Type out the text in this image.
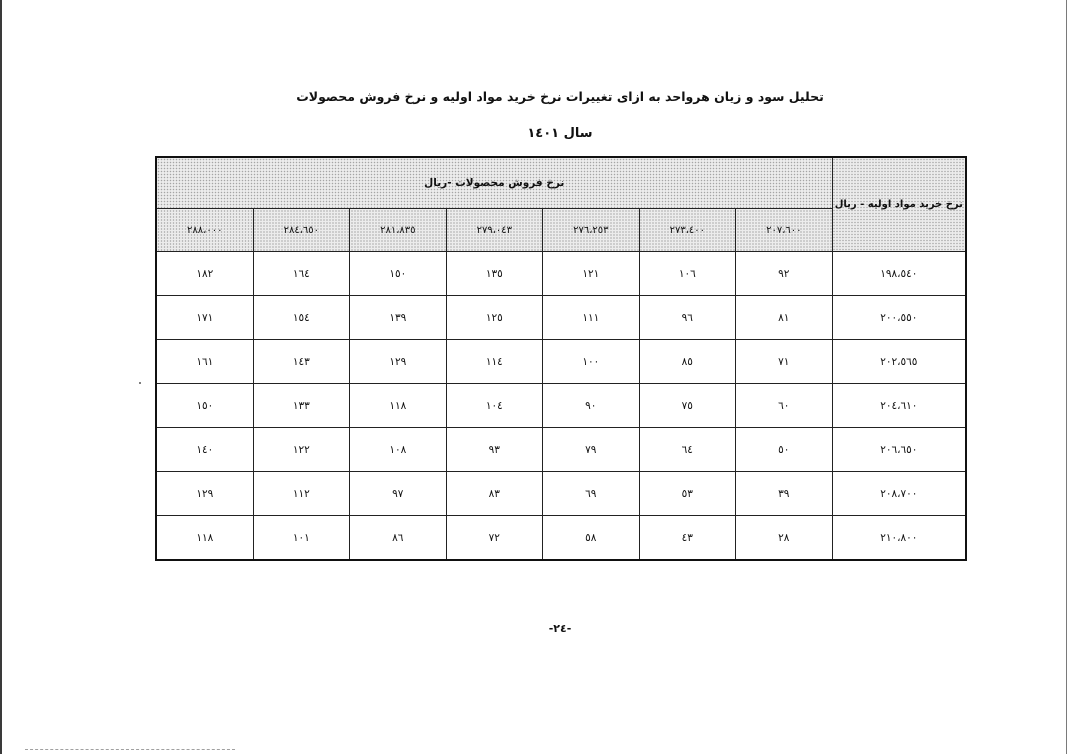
تحلیل سود و زیان هرواحد به ازای تغییرات نرخ خرید مواد اولیه و نرخ فروش محصولات
سال ١٤٠١
نرخ خرید مواد اولیه - ریال	نرخ فروش محصولات -ریال						
	٢٠٧،٦٠٠	٢٧٣،٤٠٠	٢٧٦،٢٥٣	٢٧٩،٠٤٣	٢٨١،٨٣٥	٢٨٤،٦٥٠	٢٨٨،٠٠٠
١٩٨،٥٤٠	٩٢	١٠٦	١٢١	١٣٥	١٥٠	١٦٤	١٨٢
٢٠٠،٥٥٠	٨١	٩٦	١١١	١٢٥	١٣٩	١٥٤	١٧١
٢٠٢،٥٦٥	٧١	٨٥	١٠٠	١١٤	١٢٩	١٤٣	١٦١
٢٠٤،٦١٠	٦٠	٧٥	٩٠	١٠٤	١١٨	١٣٣	١٥٠
٢٠٦،٦٥٠	٥٠	٦٤	٧٩	٩٣	١٠٨	١٢٢	١٤٠
٢٠٨،٧٠٠	٣٩	٥٣	٦٩	٨٣	٩٧	١١٢	١٢٩
٢١٠،٨٠٠	٢٨	٤٣	٥٨	٧٢	٨٦	١٠١	١١٨
-٢٤-
